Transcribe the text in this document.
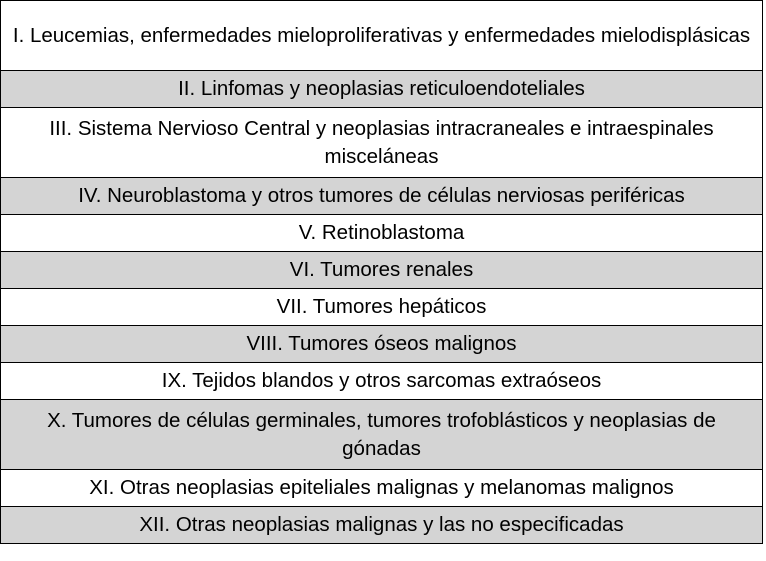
I. Leucemias, enfermedades mieloproliferativas y enfermedades mielodisplásicas
II. Linfomas y neoplasias reticuloendoteliales
III. Sistema Nervioso Central y neoplasias intracraneales e intraespinales misceláneas
IV. Neuroblastoma y otros tumores de células nerviosas periféricas
V. Retinoblastoma
VI. Tumores renales
VII. Tumores hepáticos
VIII. Tumores óseos malignos
IX. Tejidos blandos y otros sarcomas extraóseos
X. Tumores de células germinales, tumores trofoblásticos y neoplasias de gónadas
XI. Otras neoplasias epiteliales malignas y melanomas malignos
XII. Otras neoplasias malignas y las no especificadas
